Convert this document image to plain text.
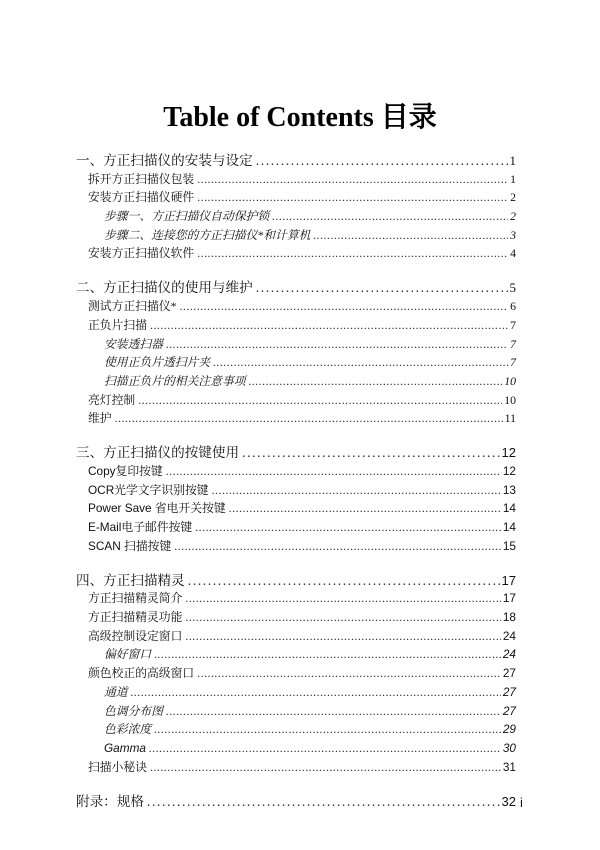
Table of Contents 目录
一、方正扫描仪的安装与设定 .....	1
拆开方正扫描仪包装 .....	1
安装方正扫描仪硬件 .....	2
步骤一、方正扫描仪自动保护锁 .....	2
步骤二、连接您的方正扫描仪*和计算机 .....	3
安装方正扫描仪软件 .....	4
二、方正扫描仪的使用与维护 .....	5
测试方正扫描仪* .....	6
正负片扫描 .....	7
安装透扫器 .....	7
使用正负片透扫片夹 .....	7
扫描正负片的相关注意事项 .....	10
亮灯控制 .....	10
维护 .....	11
三、方正扫描仪的按键使用 .....	12
Copy复印按键 .....	12
OCR光学文字识别按键 .....	13
Power Save 省电开关按键 .....	14
E-Mail电子邮件按键 .....	14
SCAN 扫描按键 .....	15
四、方正扫描精灵 .....	17
方正扫描精灵简介 .....	17
方正扫描精灵功能 .....	18
高级控制设定窗口 .....	24
偏好窗口 .....	24
颜色校正的高级窗口 .....	27
通道 .....	27
色调分布图 .....	27
色彩浓度 .....	29
Gamma .....	30
扫描小秘诀 .....	31
附录：规格 .....	32 i
